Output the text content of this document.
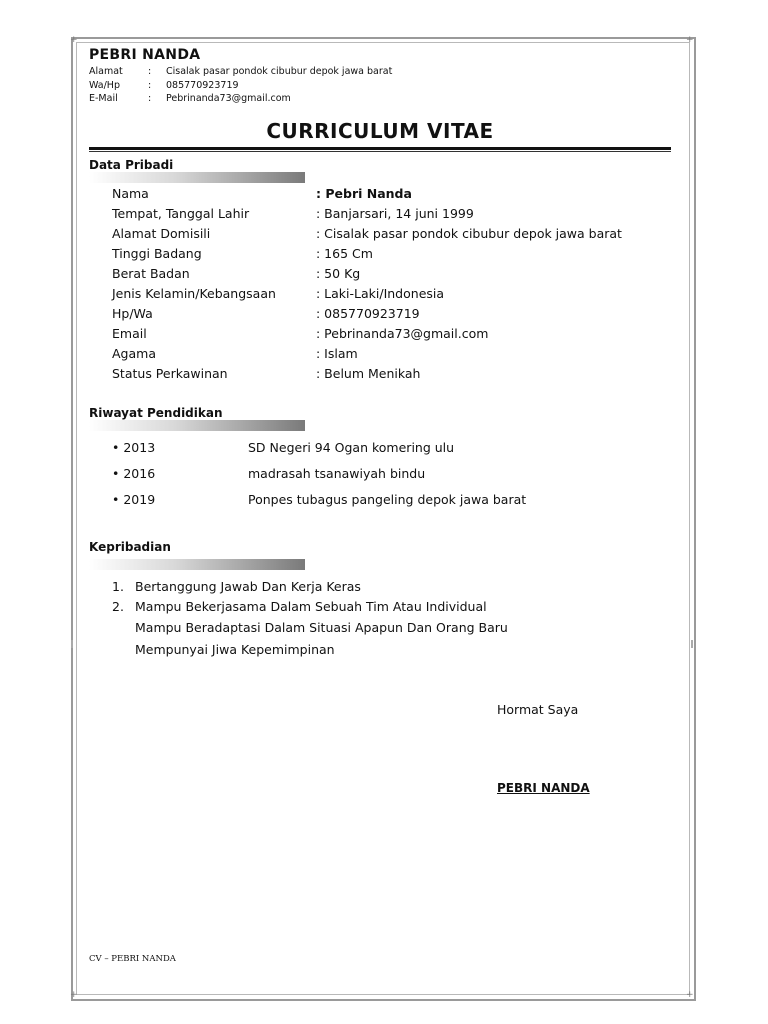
+	+
+	+
PEBRI NANDA
Alamat	: Cisalak pasar pondok cibubur depok jawa barat
Wa/Hp	: 085770923719
E-Mail	: Pebrinanda73@gmail.com
CURRICULUM VITAE
Data Pribadi
Nama	: Pebri Nanda
Tempat, Tanggal Lahir	: Banjarsari, 14 juni 1999
Alamat Domisili	: Cisalak pasar pondok cibubur depok jawa barat
Tinggi Badang	: 165 Cm
Berat Badan	: 50 Kg
Jenis Kelamin/Kebangsaan	: Laki-Laki/Indonesia
Hp/Wa	: 085770923719
Email	: Pebrinanda73@gmail.com
Agama	: Islam
Status Perkawinan	: Belum Menikah
Riwayat Pendidikan
• 2013	SD Negeri 94 Ogan komering ulu
• 2016	madrasah tsanawiyah bindu
• 2019	Ponpes tubagus pangeling depok jawa barat
Kepribadian
1. Bertanggung Jawab Dan Kerja Keras
2. Mampu Bekerjasama Dalam Sebuah Tim Atau Individual
Mampu Beradaptasi Dalam Situasi Apapun Dan Orang Baru
Mempunyai Jiwa Kepemimpinan
Hormat Saya
PEBRI NANDA
CV – PEBRI NANDA
